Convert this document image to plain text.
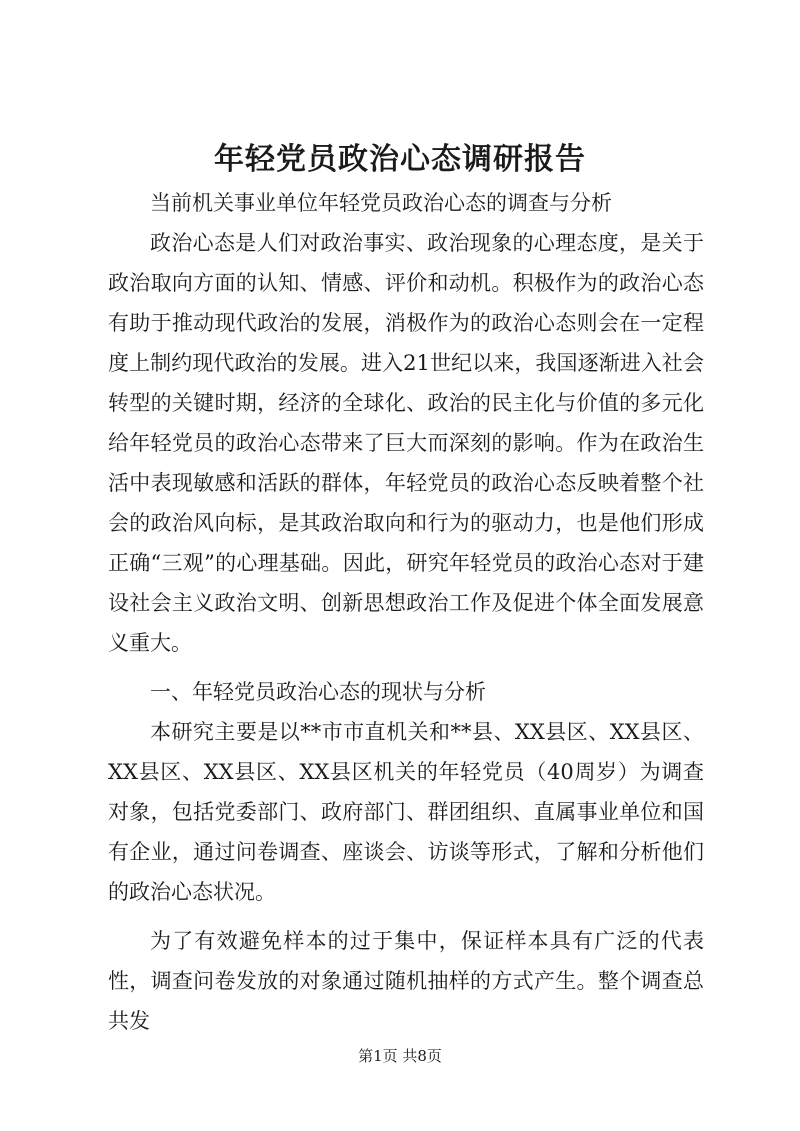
年轻党员政治心态调研报告

当前机关事业单位年轻党员政治心态的调查与分析

政治心态是人们对政治事实、政治现象的心理态度，是关于政治取向方面的认知、情感、评价和动机。积极作为的政治心态有助于推动现代政治的发展，消极作为的政治心态则会在一定程度上制约现代政治的发展。进入21世纪以来，我国逐渐进入社会转型的关键时期，经济的全球化、政治的民主化与价值的多元化给年轻党员的政治心态带来了巨大而深刻的影响。作为在政治生活中表现敏感和活跃的群体，年轻党员的政治心态反映着整个社会的政治风向标，是其政治取向和行为的驱动力，也是他们形成正确“三观”的心理基础。因此，研究年轻党员的政治心态对于建设社会主义政治文明、创新思想政治工作及促进个体全面发展意义重大。

一、年轻党员政治心态的现状与分析

本研究主要是以**市市直机关和**县、XX县区、XX县区、XX县区、XX县区、XX县区机关的年轻党员（40周岁）为调查对象，包括党委部门、政府部门、群团组织、直属事业单位和国有企业，通过问卷调查、座谈会、访谈等形式，了解和分析他们的政治心态状况。

为了有效避免样本的过于集中，保证样本具有广泛的代表性，调查问卷发放的对象通过随机抽样的方式产生。整个调查总共发

第1页 共8页
